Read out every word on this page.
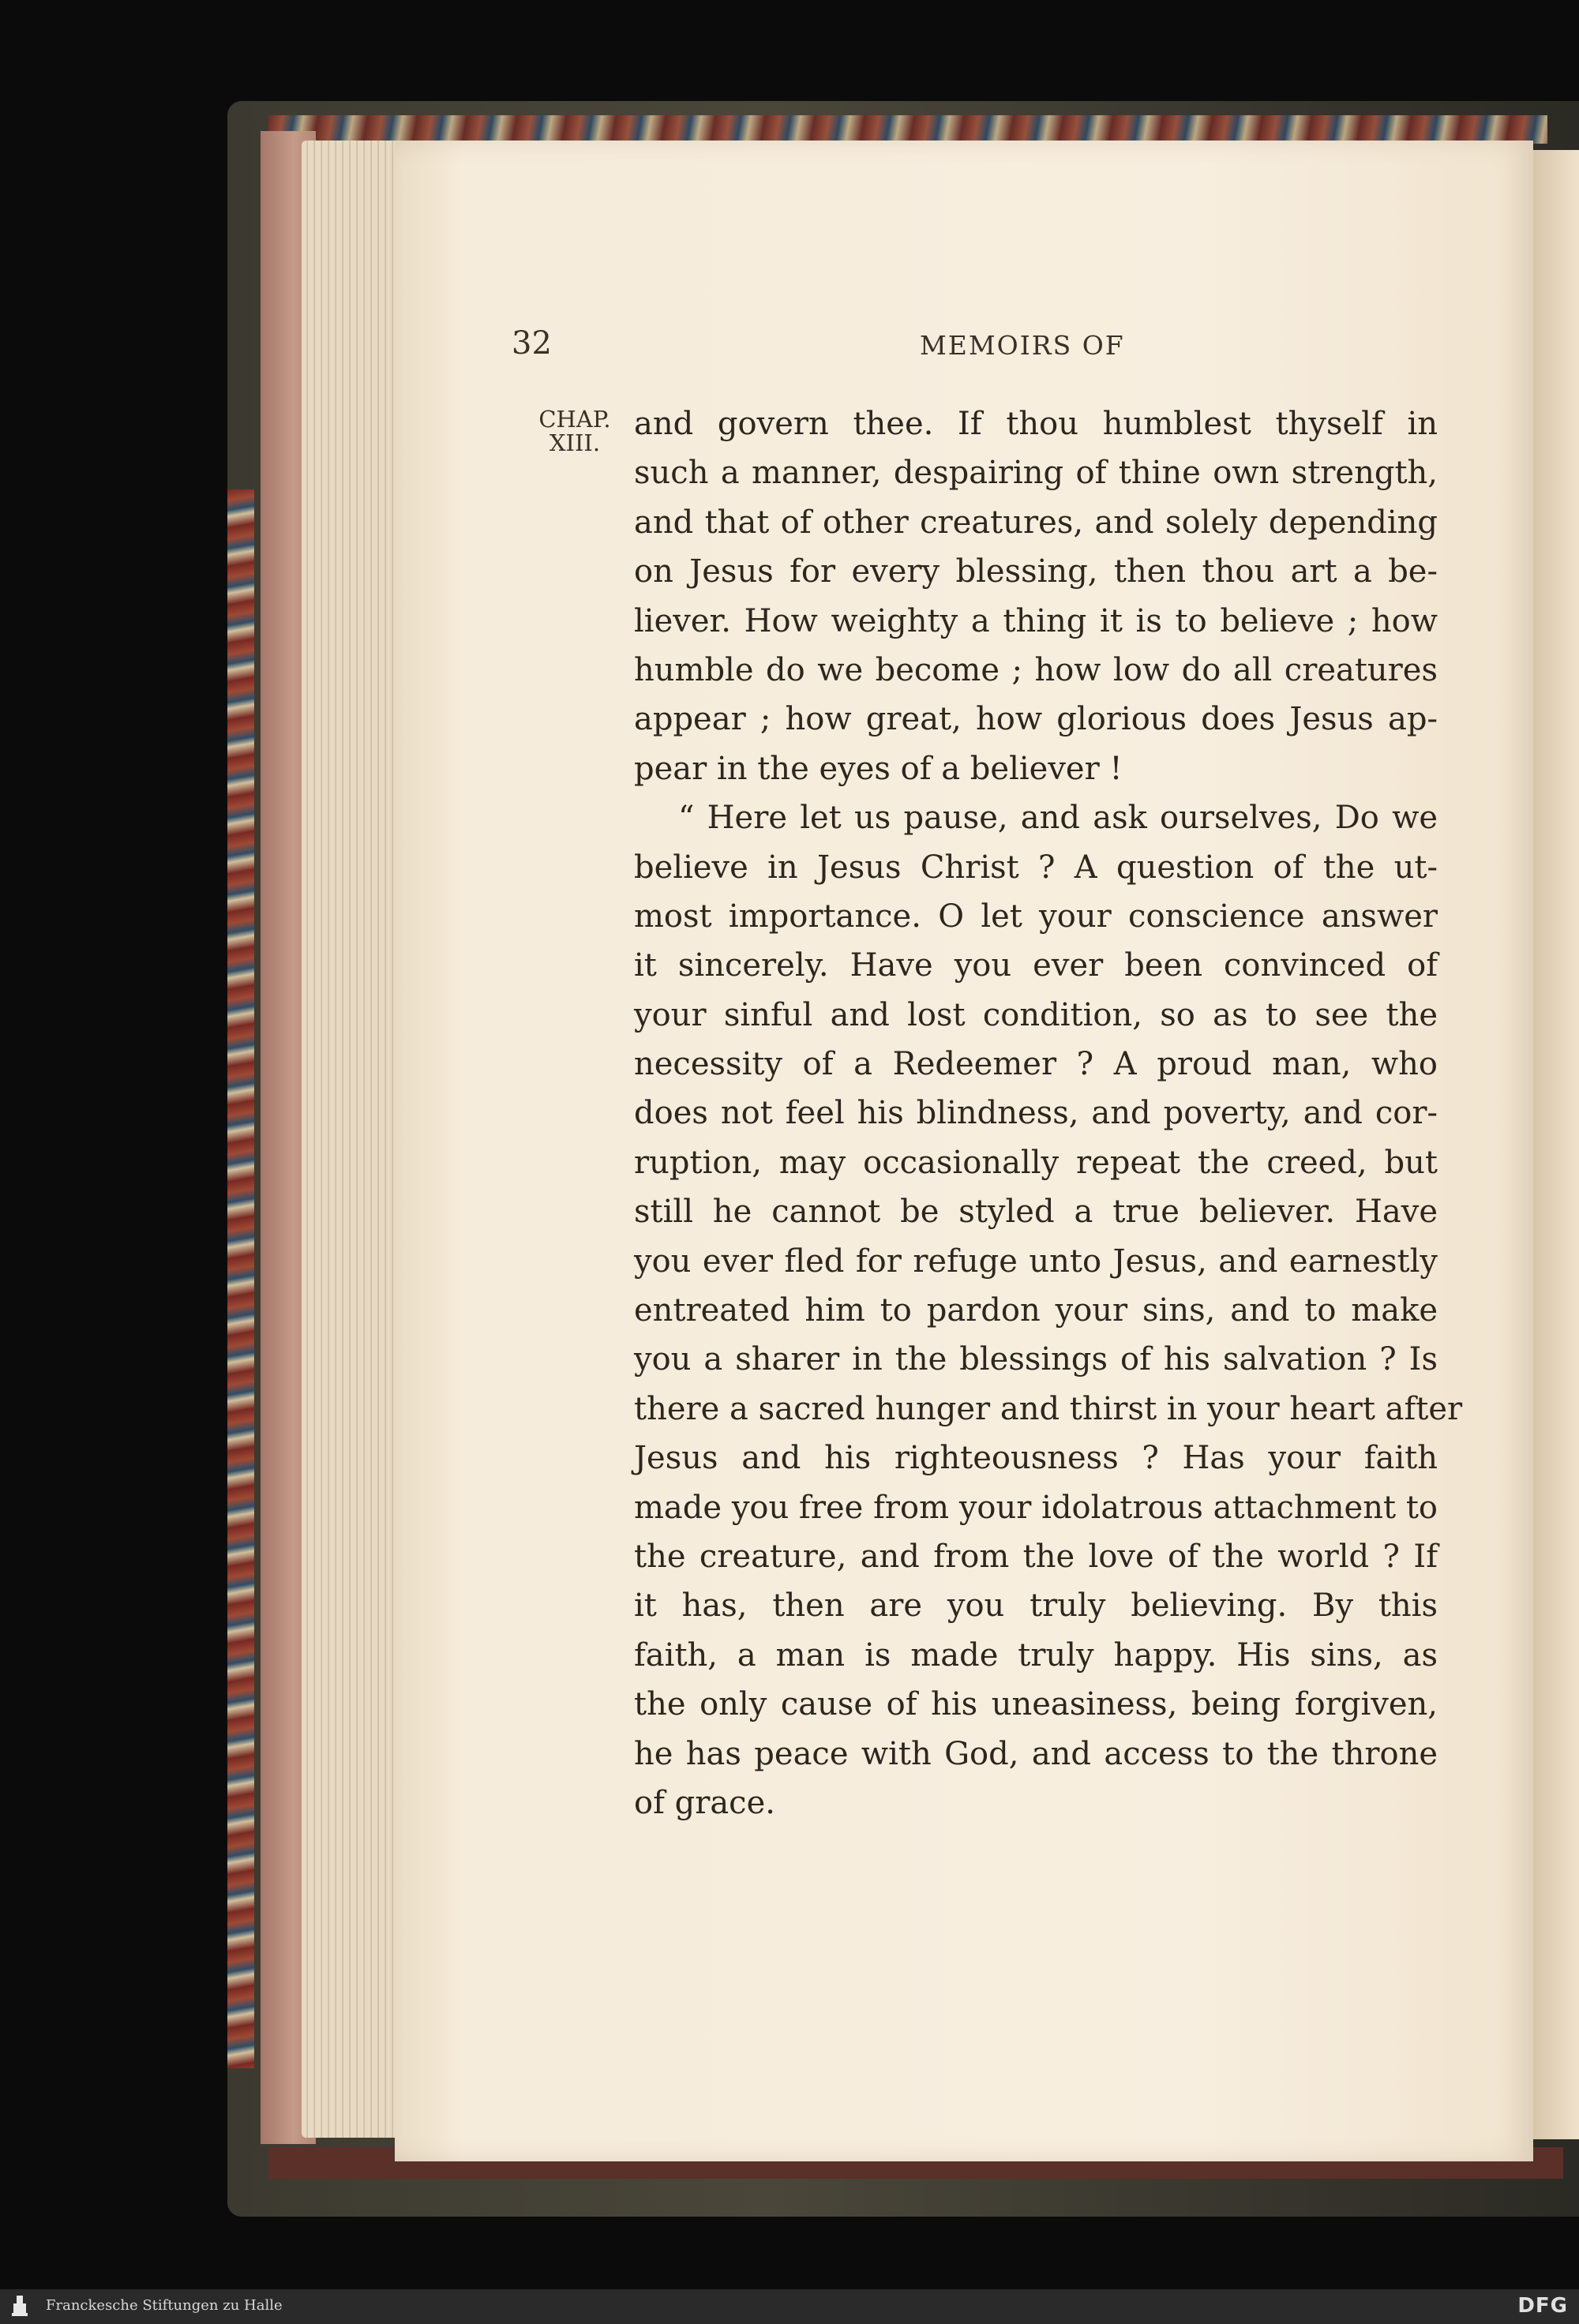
32	MEMOIRS OF
CHAP.
XIII.
and govern thee. If thou humblest thyself in
such a manner, despairing of thine own strength,
and that of other creatures, and solely depending
on Jesus for every blessing, then thou art a be-
liever. How weighty a thing it is to believe ; how
humble do we become ; how low do all creatures
appear ; how great, how glorious does Jesus ap-
pear in the eyes of a believer !
“ Here let us pause, and ask ourselves, Do we
believe in Jesus Christ ? A question of the ut-
most importance. O let your conscience answer
it sincerely. Have you ever been convinced of
your sinful and lost condition, so as to see the
necessity of a Redeemer ? A proud man, who
does not feel his blindness, and poverty, and cor-
ruption, may occasionally repeat the creed, but
still he cannot be styled a true believer. Have
you ever fled for refuge unto Jesus, and earnestly
entreated him to pardon your sins, and to make
you a sharer in the blessings of his salvation ? Is
there a sacred hunger and thirst in your heart after
Jesus and his righteousness ? Has your faith
made you free from your idolatrous attachment to
the creature, and from the love of the world ? If
it has, then are you truly believing. By this
faith, a man is made truly happy. His sins, as
the only cause of his uneasiness, being forgiven,
he has peace with God, and access to the throne
of grace.
Franckesche Stiftungen zu Halle	DFG
